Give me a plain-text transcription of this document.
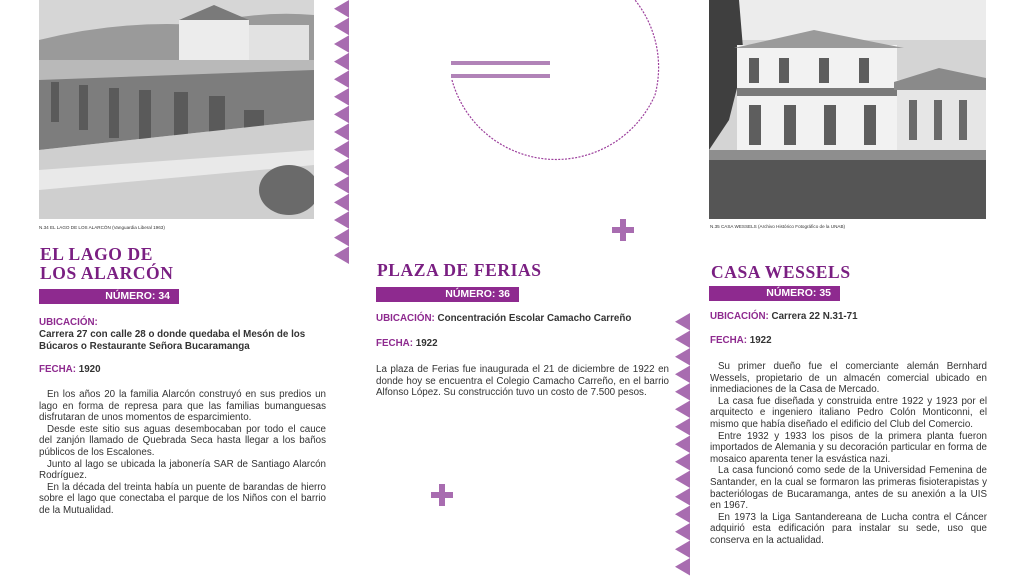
N.34 EL LAGO DE LOS ALARCÓN (Vanguardia Liberal 1963)
EL LAGO DE
LOS ALARCÓN
NÚMERO: 34
UBICACIÓN:
Carrera 27 con calle 28 o donde quedaba el Mesón de los Búcaros o Restaurante Señora Bucaramanga
FECHA: 1920

En los años 20 la familia Alarcón construyó en sus predios un lago en forma de represa para que las familias bumanguesas disfrutaran de unos momentos de esparcimiento.

Desde este sitio sus aguas desembocaban por todo el cauce del zanjón llamado de Quebrada Seca hasta llegar a los baños públicos de los Escalones.

Junto al lago se ubicada la jabonería SAR de Santiago Alarcón Rodríguez.

En la década del treinta había un puente de barandas de hierro sobre el lago que conectaba el parque de los Niños con el barrio de la Mutualidad.

PLAZA DE FERIAS
NÚMERO: 36
UBICACIÓN: Concentración Escolar Camacho Carreño
FECHA: 1922

La plaza de Ferias fue inaugurada el 21 de diciembre de 1922 en donde hoy se encuentra el Colegio Camacho Carreño, en el barrio Alfonso López. Su construcción tuvo un costo de 7.500 pesos.

N.35 CASA WESSELS (Archivo Histórico Fotográfico de la UNAB)
CASA WESSELS
NÚMERO: 35
UBICACIÓN: Carrera 22 N.31-71
FECHA: 1922

Su primer dueño fue el comerciante alemán Bernhard Wessels, propietario de un almacén comercial ubicado en inmediaciones de la Casa de Mercado.

La casa fue diseñada y construida entre 1922 y 1923 por el arquitecto e ingeniero italiano Pedro Colón Monticonni, el mismo que había diseñado el edificio del Club del Comercio.

Entre 1932 y 1933 los pisos de la primera planta fueron importados de Alemania y su decoración particular en forma de mosaico aparenta tener la esvástica nazi.

La casa funcionó como sede de la Universidad Femenina de Santander, en la cual se formaron las primeras fisioterapistas y bacteriólogas de Bucaramanga, antes de su anexión a la UIS en 1967.

En 1973 la Liga Santandereana de Lucha contra el Cáncer adquirió esta edificación para instalar su sede, uso que conserva en la actualidad.
